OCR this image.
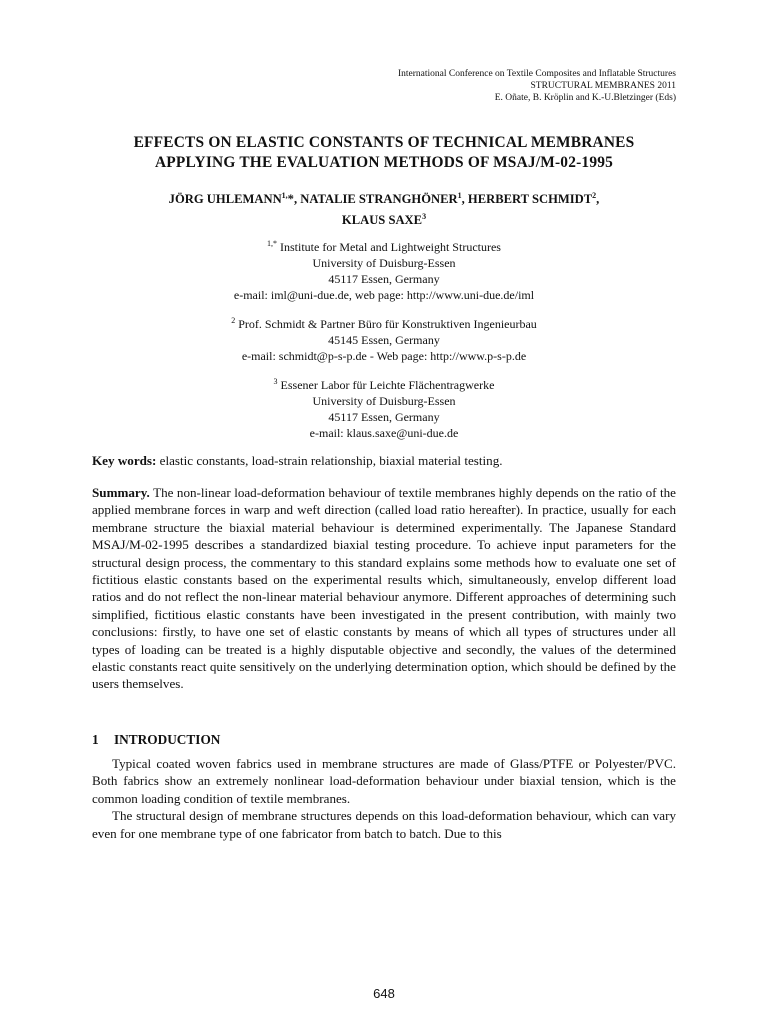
International Conference on Textile Composites and Inflatable Structures
STRUCTURAL MEMBRANES 2011
E. Oñate, B. Kröplin and K.-U.Bletzinger (Eds)
EFFECTS ON ELASTIC CONSTANTS OF TECHNICAL MEMBRANES
APPLYING THE EVALUATION METHODS OF MSAJ/M-02-1995
JÖRG $UHLEMANN^{1,}*$, NATALIE STRANGHÖNER$^1$, HERBERT SCHMIDT$^2$,
KLAUS SAXE$^3$
$^{1,*}$ Institute for Metal and Lightweight Structures
University of Duisburg-Essen
45117 Essen, Germany
e-mail: iml@uni-due.de, web page: http://www.uni-due.de/iml
$^2$ Prof. Schmidt & Partner Büro für Konstruktiven Ingenieurbau
45145 Essen, Germany
e-mail: schmidt@p-s-p.de - Web page: http://www.p-s-p.de
$^3$ Essener Labor für Leichte Flächentragwerke
University of Duisburg-Essen
45117 Essen, Germany
e-mail: klaus.saxe@uni-due.de
Key words: elastic constants, load-strain relationship, biaxial material testing.

Summary. The non-linear load-deformation behaviour of textile membranes highly depends on the ratio of the applied membrane forces in warp and weft direction (called load ratio hereafter). In practice, usually for each membrane structure the biaxial material behaviour is determined experimentally. The Japanese Standard MSAJ/M-02-1995 describes a standardized biaxial testing procedure. To achieve input parameters for the structural design process, the commentary to this standard explains some methods how to evaluate one set of fictitious elastic constants based on the experimental results which, simultaneously, envelop different load ratios and do not reflect the non-linear material behaviour anymore. Different approaches of determining such simplified, fictitious elastic constants have been investigated in the present contribution, with mainly two conclusions: firstly, to have one set of elastic constants by means of which all types of structures under all types of loading can be treated is a highly disputable objective and secondly, the values of the determined elastic constants react quite sensitively on the underlying determination option, which should be defined by the users themselves.

1 INTRODUCTION

Typical coated woven fabrics used in membrane structures are made of Glass/PTFE or Polyester/PVC. Both fabrics show an extremely nonlinear load-deformation behaviour under biaxial tension, which is the common loading condition of textile membranes.

The structural design of membrane structures depends on this load-deformation behaviour, which can vary even for one membrane type of one fabricator from batch to batch. Due to this

648
